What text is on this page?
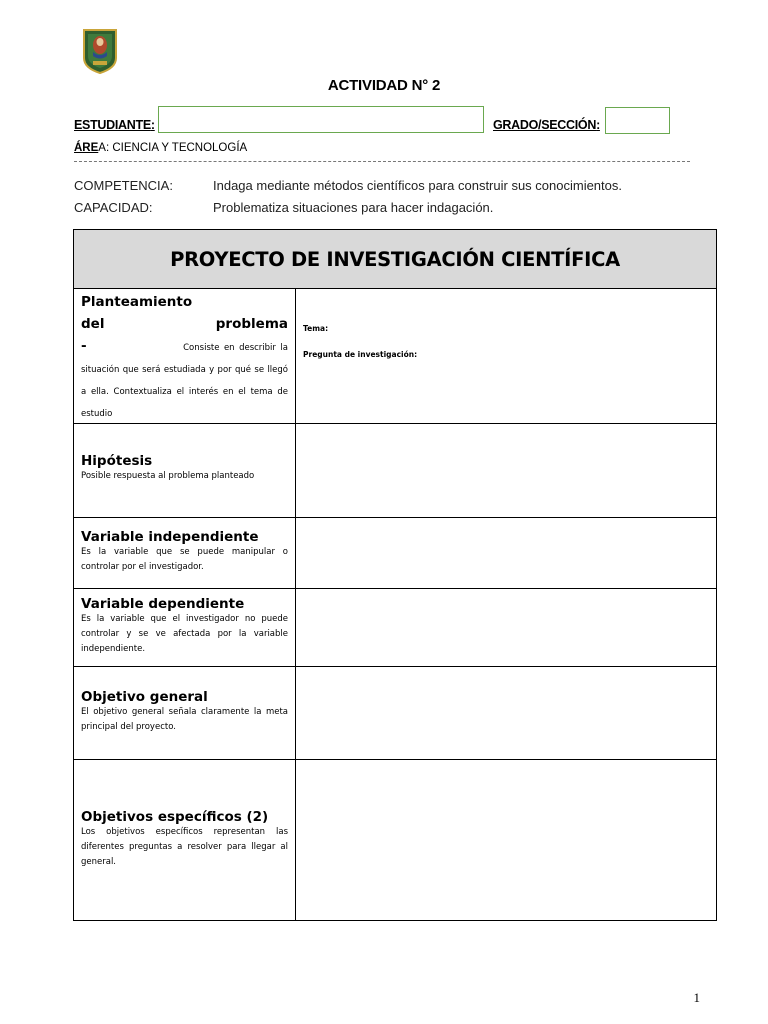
ACTIVIDAD N° 2
ESTUDIANTE:	GRADO/SECCIÓN:
ÁREA: CIENCIA Y TECNOLOGÍA
COMPETENCIA:	Indaga mediante métodos científicos para construir sus conocimientos.
CAPACIDAD:	Problematiza situaciones para hacer indagación.
PROYECTO DE INVESTIGACIÓN CIENTÍFICA	

Planteamiento del problema - Consiste en describir la situación que será estudiada y por qué se llegó a ella. Contextualiza el interés en el tema de estudio	Tema:
Pregunta de investigación:

Hipótesis
Posible respuesta al problema planteado	

Variable independiente
Es la variable que se puede manipular o controlar por el investigador.	

Variable dependiente
Es la variable que el investigador no puede controlar y se ve afectada por la variable independiente.	

Objetivo general
El objetivo general señala claramente la meta principal del proyecto.	

Objetivos específicos (2)
Los objetivos específicos representan las diferentes preguntas a resolver para llegar al general.	

1
